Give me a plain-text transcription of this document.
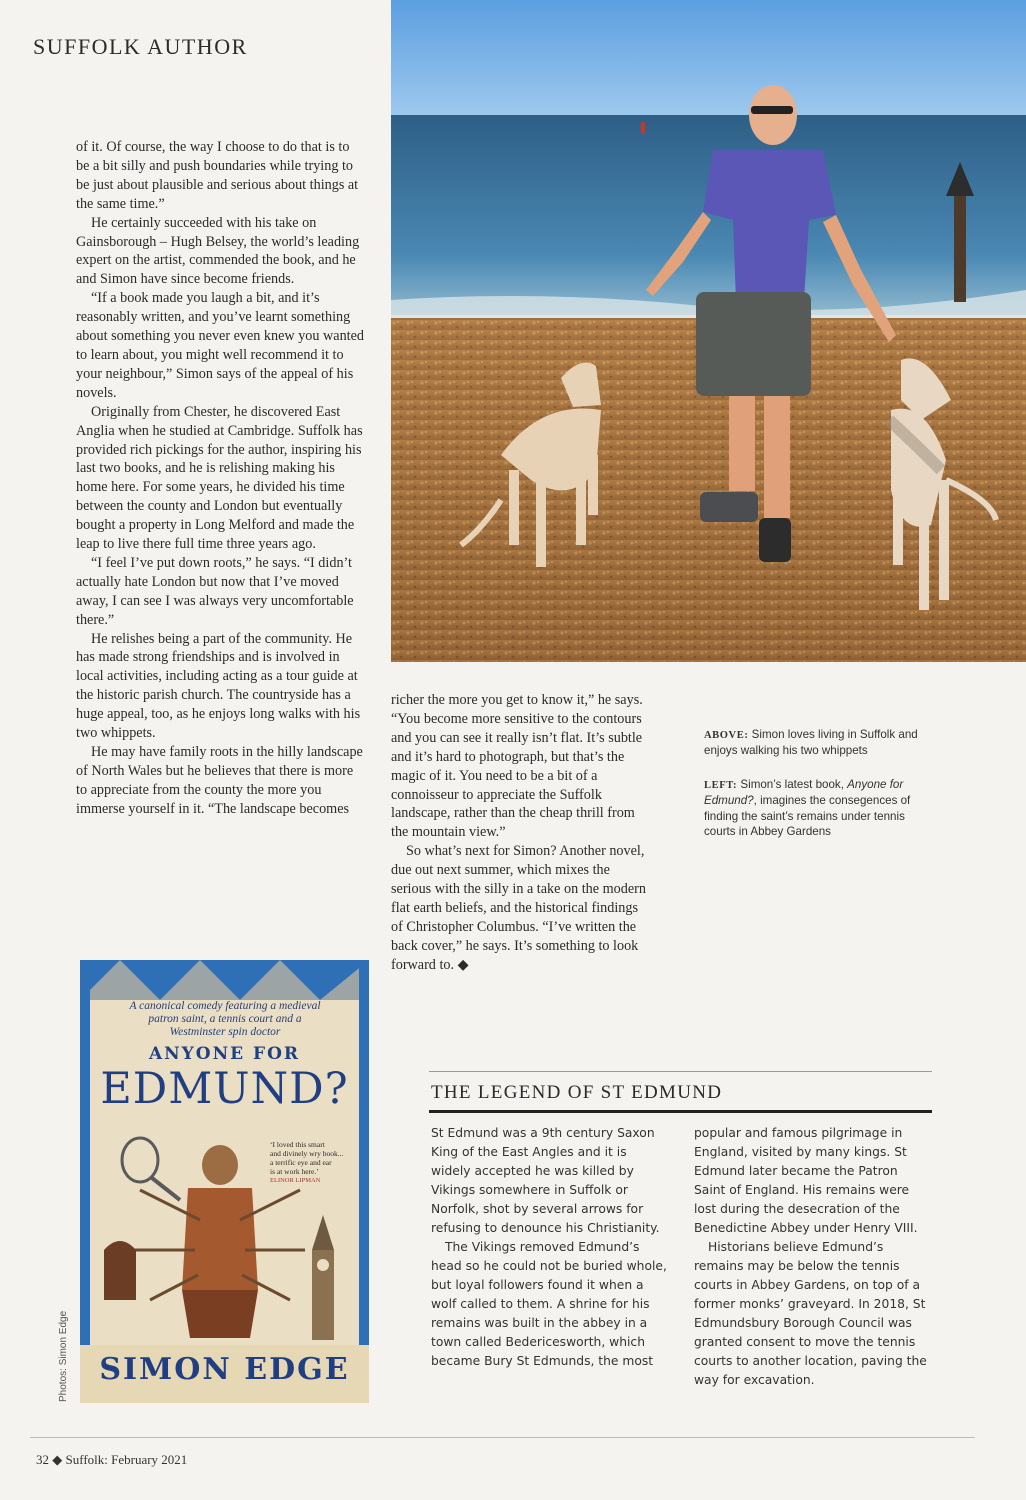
SUFFOLK AUTHOR

of it. Of course, the way I choose to do that is to be a bit silly and push boundaries while trying to be just about plausible and serious about things at the same time.”

He certainly succeeded with his take on Gainsborough – Hugh Belsey, the world’s leading expert on the artist, commended the book, and he and Simon have since become friends.

“If a book made you laugh a bit, and it’s reasonably written, and you’ve learnt something about something you never even knew you wanted to learn about, you might well recommend it to your neighbour,” Simon says of the appeal of his novels.

Originally from Chester, he discovered East Anglia when he studied at Cambridge. Suffolk has provided rich pickings for the author, inspiring his last two books, and he is relishing making his home here. For some years, he divided his time between the county and London but eventually bought a property in Long Melford and made the leap to live there full time three years ago.

“I feel I’ve put down roots,” he says. “I didn’t actually hate London but now that I’ve moved away, I can see I was always very uncomfortable there.”

He relishes being a part of the community. He has made strong friendships and is involved in local activities, including acting as a tour guide at the historic parish church. The countryside has a huge appeal, too, as he enjoys long walks with his two whippets.

He may have family roots in the hilly landscape of North Wales but he believes that there is more to appreciate from the county the more you immerse yourself in it. “The landscape becomes

richer the more you get to know it,” he says. “You become more sensitive to the contours and you can see it really isn’t flat. It’s subtle and it’s hard to photograph, but that’s the magic of it. You need to be a bit of a connoisseur to appreciate the Suffolk landscape, rather than the cheap thrill from the mountain view.”

So what’s next for Simon? Another novel, due out next summer, which mixes the serious with the silly in a take on the modern flat earth beliefs, and the historical findings of Christopher Columbus. “I’ve written the back cover,” he says. It’s something to look forward to. ◆

ABOVE: Simon loves living in Suffolk and enjoys walking his two whippets
LEFT: Simon’s latest book, Anyone for Edmund?, imagines the consegences of finding the saint’s remains under tennis courts in Abbey Gardens
A canonical comedy featuring a medieval
patron saint, a tennis court and a
Westminster spin doctor
ANYONE FOR
EDMUND?
‘I loved this smart
and divinely wry book...
a terrific eye and ear
is at work here.’
ELINOR LIPMAN
SIMON EDGE
Photos: Simon Edge
THE LEGEND OF ST EDMUND

St Edmund was a 9th century Saxon King of the East Angles and it is widely accepted he was killed by Vikings somewhere in Suffolk or Norfolk, shot by several arrows for refusing to denounce his Christianity.

The Vikings removed Edmund’s head so he could not be buried whole, but loyal followers found it when a wolf called to them. A shrine for his remains was built in the abbey in a town called Bedericesworth, which became Bury St Edmunds, the most

popular and famous pilgrimage in England, visited by many kings. St Edmund later became the Patron Saint of England. His remains were lost during the desecration of the Benedictine Abbey under Henry VIII.

Historians believe Edmund’s remains may be below the tennis courts in Abbey Gardens, on top of a former monks’ graveyard. In 2018, St Edmundsbury Borough Council was granted consent to move the tennis courts to another location, paving the way for excavation.

32 ◆ Suffolk: February 2021
